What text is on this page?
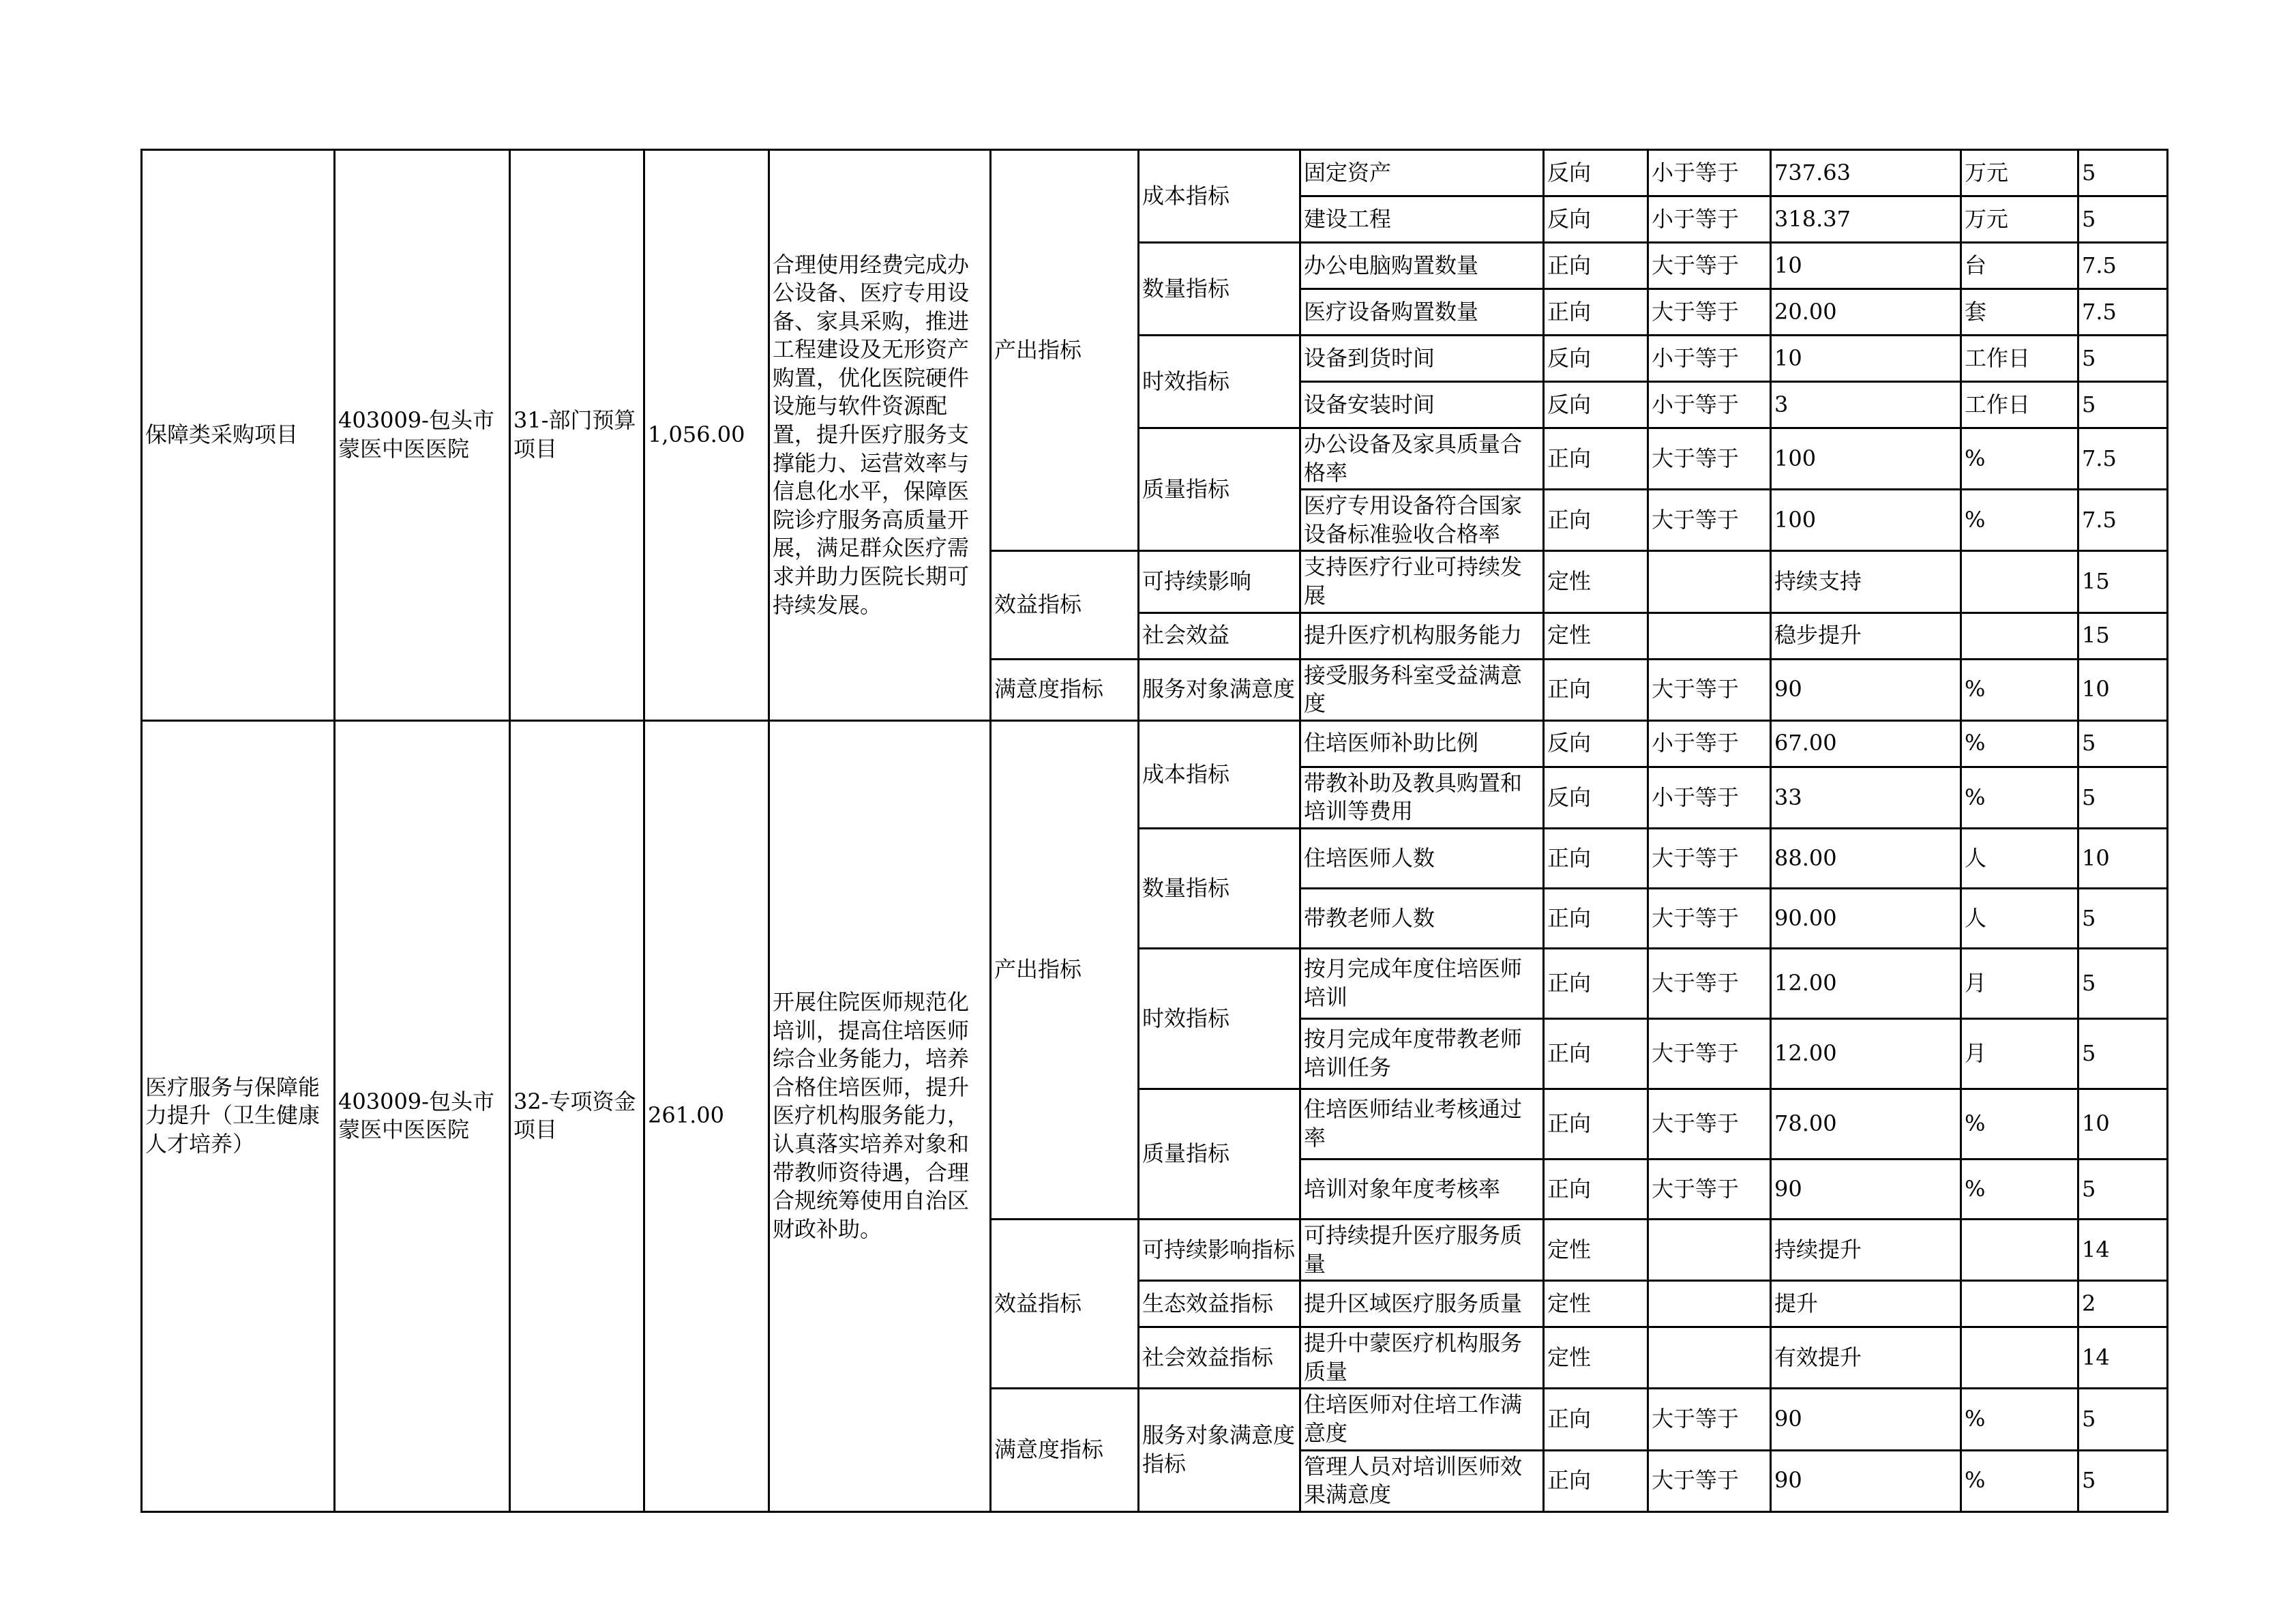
保障类采购项目	403009-包头市蒙医中医医院	31-部门预算项目	1,056.00	合理使用经费完成办公设备、医疗专用设备、家具采购，推进工程建设及无形资产购置，优化医院硬件设施与软件资源配置，提升医疗服务支撑能力、运营效率与信息化水平，保障医院诊疗服务高质量开展，满足群众医疗需求并助力医院长期可持续发展。	产出指标	成本指标	固定资产	反向	小于等于	737.63	万元	5
							建设工程	反向	小于等于	318.37	万元	5
						数量指标	办公电脑购置数量	正向	大于等于	10	台	7.5
							医疗设备购置数量	正向	大于等于	20.00	套	7.5
						时效指标	设备到货时间	反向	小于等于	10	工作日	5
							设备安装时间	反向	小于等于	3	工作日	5
						质量指标	办公设备及家具质量合格率	正向	大于等于	100	%	7.5
							医疗专用设备符合国家设备标准验收合格率	正向	大于等于	100	%	7.5
					效益指标	可持续影响	支持医疗行业可持续发展	定性		持续支持		15
						社会效益	提升医疗机构服务能力	定性		稳步提升		15
					满意度指标	服务对象满意度	接受服务科室受益满意度	正向	大于等于	90	%	10
医疗服务与保障能力提升（卫生健康人才培养）	403009-包头市蒙医中医医院	32-专项资金项目	261.00	开展住院医师规范化培训，提高住培医师综合业务能力，培养合格住培医师，提升医疗机构服务能力，认真落实培养对象和带教师资待遇，合理合规统筹使用自治区财政补助。	产出指标	成本指标	住培医师补助比例	反向	小于等于	67.00	%	5
							带教补助及教具购置和培训等费用	反向	小于等于	33	%	5
						数量指标	住培医师人数	正向	大于等于	88.00	人	10
							带教老师人数	正向	大于等于	90.00	人	5
						时效指标	按月完成年度住培医师培训	正向	大于等于	12.00	月	5
							按月完成年度带教老师培训任务	正向	大于等于	12.00	月	5
						质量指标	住培医师结业考核通过率	正向	大于等于	78.00	%	10
							培训对象年度考核率	正向	大于等于	90	%	5
					效益指标	可持续影响指标	可持续提升医疗服务质量	定性		持续提升		14
						生态效益指标	提升区域医疗服务质量	定性		提升		2
						社会效益指标	提升中蒙医疗机构服务质量	定性		有效提升		14
					满意度指标	服务对象满意度指标	住培医师对住培工作满意度	正向	大于等于	90	%	5
							管理人员对培训医师效果满意度	正向	大于等于	90	%	5
